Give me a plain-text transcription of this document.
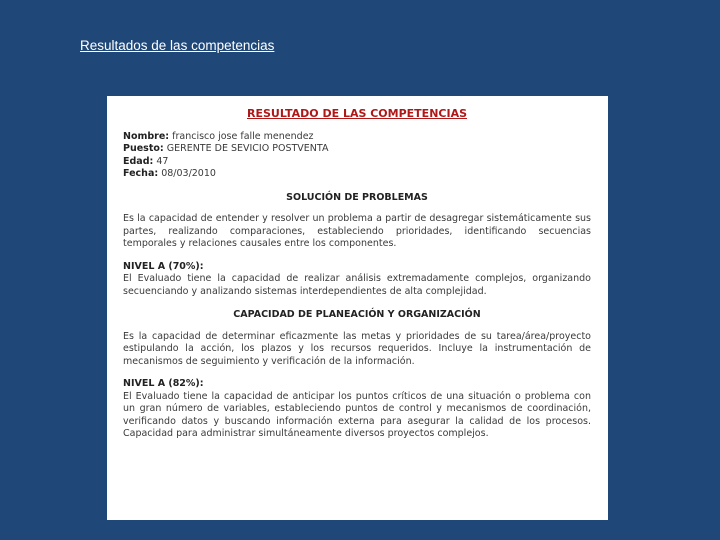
Resultados de las competencias
RESULTADO DE LAS COMPETENCIAS
Nombre: francisco jose falle menendez
Puesto: GERENTE DE SEVICIO POSTVENTA
Edad: 47
Fecha: 08/03/2010
SOLUCIÓN DE PROBLEMAS

Es la capacidad de entender y resolver un problema a partir de desagregar sistemáticamente sus partes, realizando comparaciones, estableciendo prioridades, identificando secuencias temporales y relaciones causales entre los componentes.

NIVEL A (70%):

El Evaluado tiene la capacidad de realizar análisis extremadamente complejos, organizando secuenciando y analizando sistemas interdependientes de alta complejidad.

CAPACIDAD DE PLANEACIÓN Y ORGANIZACIÓN

Es la capacidad de determinar eficazmente las metas y prioridades de su tarea/área/proyecto estipulando la acción, los plazos y los recursos requeridos. Incluye la instrumentación de mecanismos de seguimiento y verificación de la información.

NIVEL A (82%):

El Evaluado tiene la capacidad de anticipar los puntos críticos de una situación o problema con un gran número de variables, estableciendo puntos de control y mecanismos de coordinación, verificando datos y buscando información externa para asegurar la calidad de los procesos. Capacidad para administrar simultáneamente diversos proyectos complejos.
